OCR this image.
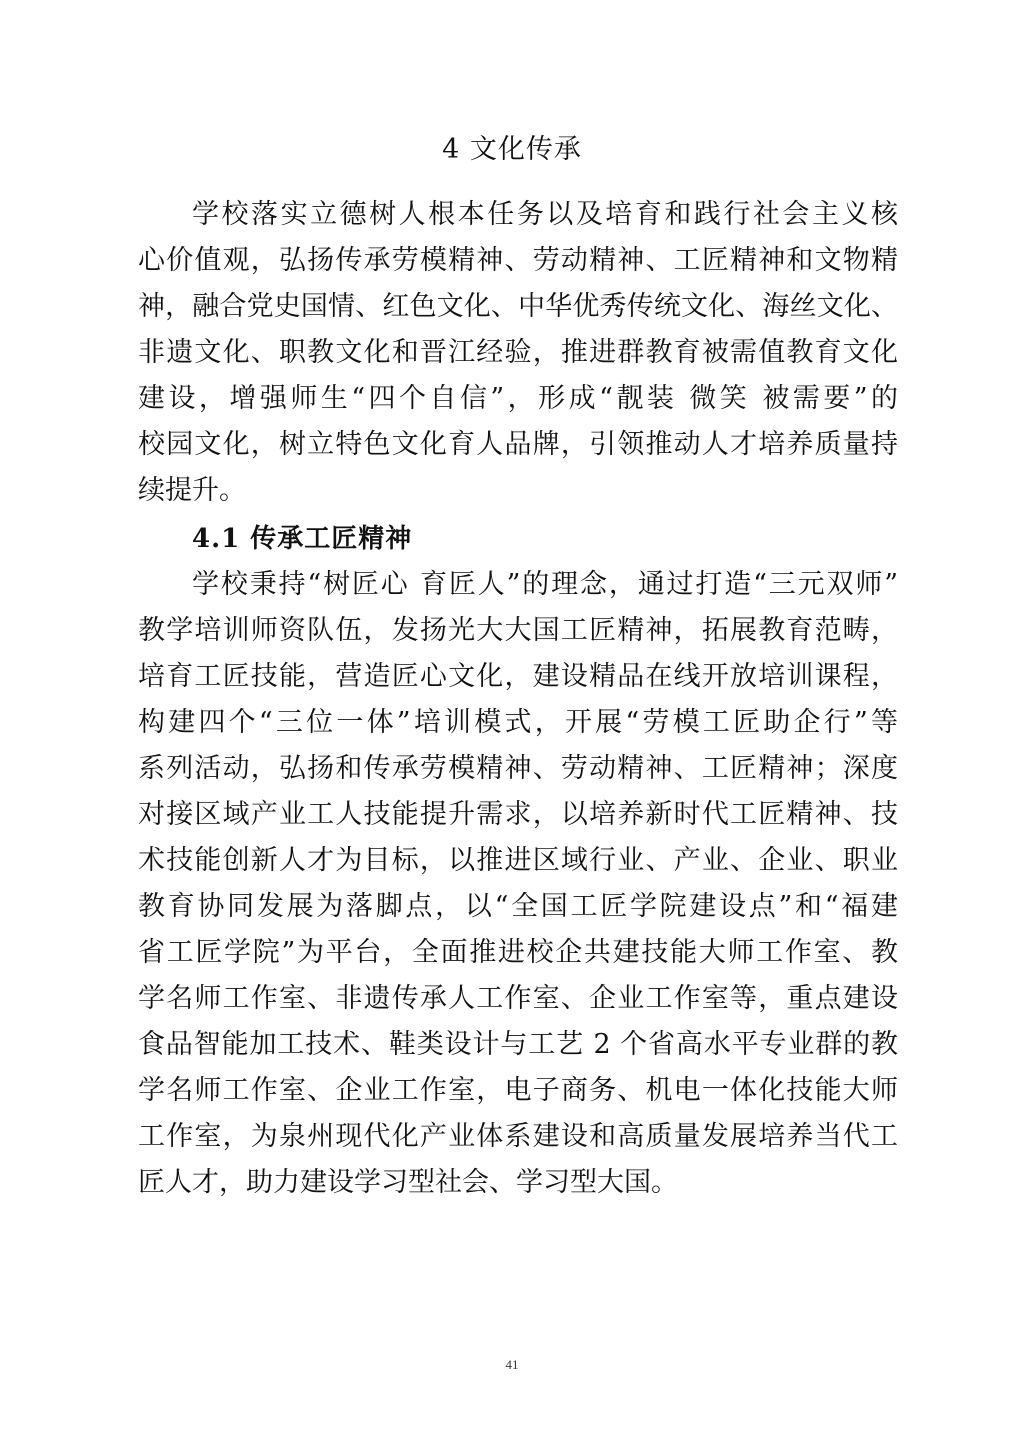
4 文化传承
学校落实立德树人根本任务以及培育和践行社会主义核
心价值观，弘扬传承劳模精神、劳动精神、工匠精神和文物精
神，融合党史国情、红色文化、中华优秀传统文化、海丝文化、
非遗文化、职教文化和晋江经验，推进群教育被需值教育文化
建设，增强师生“四个自信”，形成“靓装 微笑 被需要”的
校园文化，树立特色文化育人品牌，引领推动人才培养质量持
续提升。
4.1 传承工匠精神
学校秉持“树匠心 育匠人”的理念，通过打造“三元双师”
教学培训师资队伍，发扬光大大国工匠精神，拓展教育范畴，
培育工匠技能，营造匠心文化，建设精品在线开放培训课程，
构建四个“三位一体”培训模式，开展“劳模工匠助企行”等
系列活动，弘扬和传承劳模精神、劳动精神、工匠精神；深度
对接区域产业工人技能提升需求，以培养新时代工匠精神、技
术技能创新人才为目标，以推进区域行业、产业、企业、职业
教育协同发展为落脚点，以“全国工匠学院建设点”和“福建
省工匠学院”为平台，全面推进校企共建技能大师工作室、教
学名师工作室、非遗传承人工作室、企业工作室等，重点建设
食品智能加工技术、鞋类设计与工艺 2 个省高水平专业群的教
学名师工作室、企业工作室，电子商务、机电一体化技能大师
工作室，为泉州现代化产业体系建设和高质量发展培养当代工
匠人才，助力建设学习型社会、学习型大国。
41
